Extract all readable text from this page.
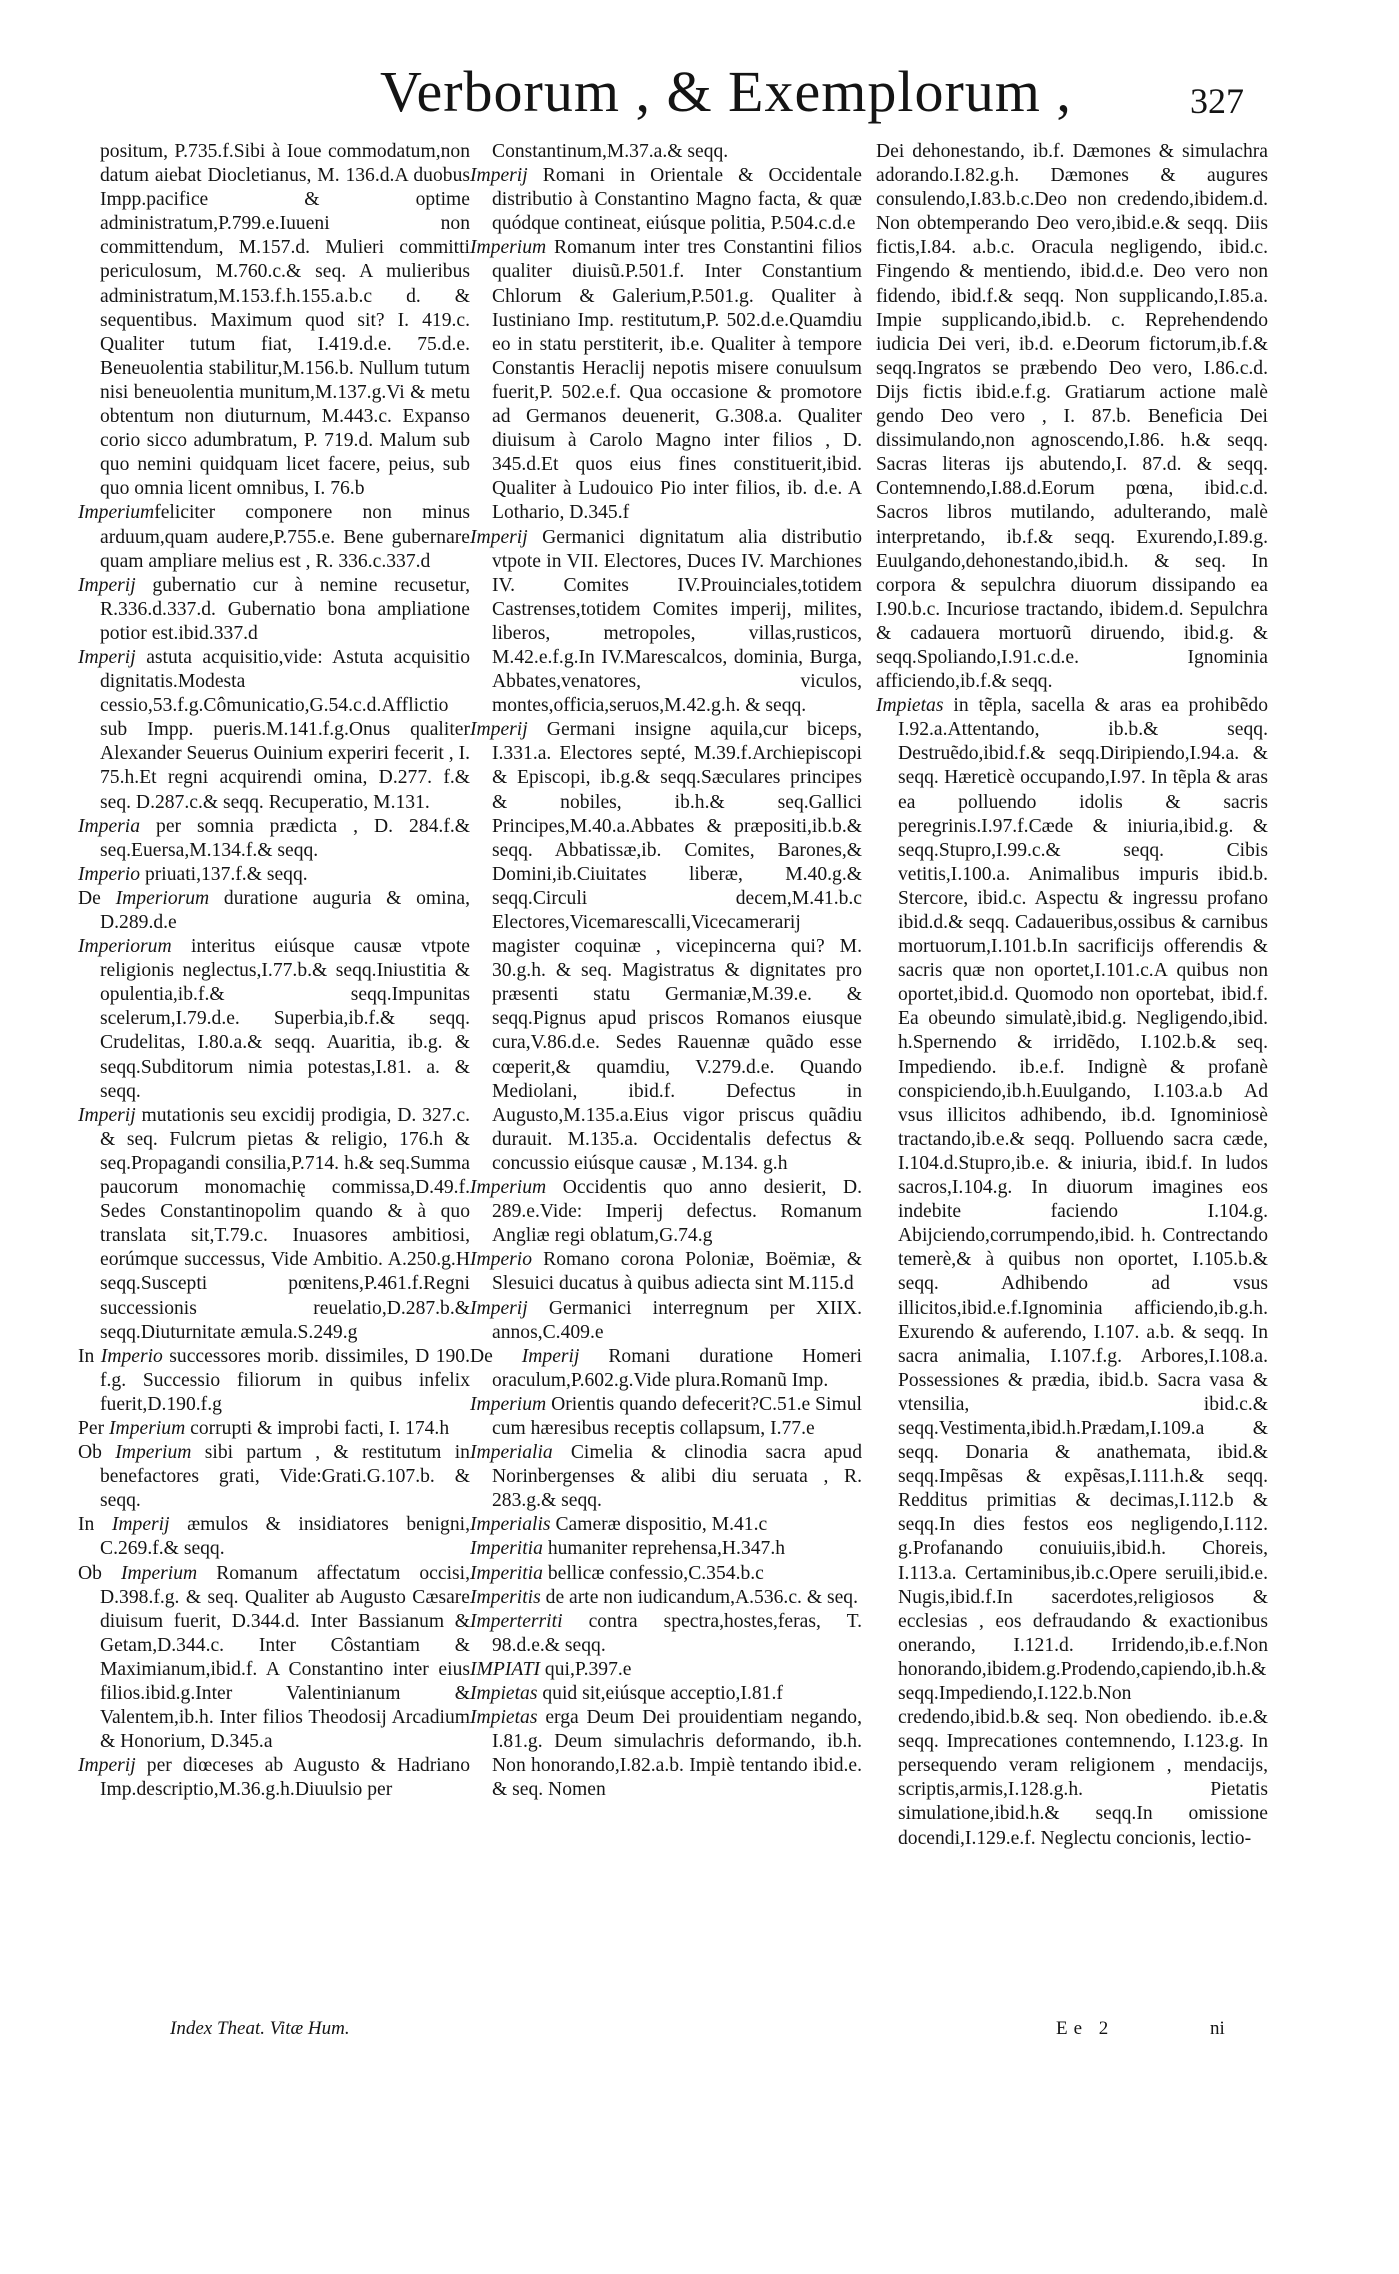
Verborum , & Exemplorum ,	327
positum, P.735.f.Sibi à Ioue commodatum,non datum aiebat Diocletianus, M. 136.d.A duobus Impp.pacifice & optime administratum,P.799.e.Iuueni non committendum, M.157.d. Mulieri committi periculosum, M.760.c.& seq. A mulieribus administratum,M.153.f.h.155.a.b.c d. & sequentibus. Maximum quod sit? I. 419.c. Qualiter tutum fiat, I.419.d.e. 75.d.e. Beneuolentia stabilitur,M.156.b. Nullum tutum nisi beneuolentia munitum,M.137.g.Vi & metu obtentum non diuturnum, M.443.c. Expanso corio sicco adumbratum, P. 719.d. Malum sub quo nemini quidquam licet facere, peius, sub quo omnia licent omnibus, I. 76.b
Imperiumfeliciter componere non minus arduum,quam audere,P.755.e. Bene gubernare quam ampliare melius est , R. 336.c.337.d
Imperij gubernatio cur à nemine recusetur, R.336.d.337.d. Gubernatio bona ampliatione potior est.ibid.337.d
Imperij astuta acquisitio,vide: Astuta acquisitio dignitatis.Modesta cessio,53.f.g.Cômunicatio,G.54.c.d.Afflictio sub Impp. pueris.M.141.f.g.Onus qualiter Alexander Seuerus Ouinium experiri fecerit , I. 75.h.Et regni acquirendi omina, D.277. f.& seq. D.287.c.& seqq. Recuperatio, M.131.
Imperia per somnia prædicta , D. 284.f.& seq.Euersa,M.134.f.& seqq.
Imperio priuati,137.f.& seqq.
De Imperiorum duratione auguria & omina, D.289.d.e
Imperiorum interitus eiúsque causæ vtpote religionis neglectus,I.77.b.& seqq.Iniustitia & opulentia,ib.f.& seqq.Impunitas scelerum,I.79.d.e. Superbia,ib.f.& seqq. Crudelitas, I.80.a.& seqq. Auaritia, ib.g. & seqq.Subditorum nimia potestas,I.81. a. & seqq.
Imperij mutationis seu excidij prodigia, D. 327.c. & seq. Fulcrum pietas & religio, 176.h & seq.Propagandi consilia,P.714. h.& seq.Summa paucorum monomachię commissa,D.49.f. Sedes Constantinopolim quando & à quo translata sit,T.79.c. Inuasores ambitiosi, eorúmque successus, Vide Ambitio. A.250.g.H seqq.Suscepti pœnitens,P.461.f.Regni successionis reuelatio,D.287.b.& seqq.Diuturnitate æmula.S.249.g
In Imperio successores morib. dissimiles, D 190. f.g. Successio filiorum in quibus infelix fuerit,D.190.f.g
Per Imperium corrupti & improbi facti, I. 174.h
Ob Imperium sibi partum , & restitutum in benefactores grati, Vide:Grati.G.107.b. & seqq.
In Imperij æmulos & insidiatores benigni, C.269.f.& seqq.
Ob Imperium Romanum affectatum occisi, D.398.f.g. & seq. Qualiter ab Augusto Cæsare diuisum fuerit, D.344.d. Inter Bassianum & Getam,D.344.c. Inter Côstantiam & Maximianum,ibid.f. A Constantino inter eius filios.ibid.g.Inter Valentinianum & Valentem,ib.h. Inter filios Theodosij Arcadium & Honorium, D.345.a
Imperij per diœceses ab Augusto & Hadriano Imp.descriptio,M.36.g.h.Diuulsio per
Constantinum,M.37.a.& seqq.
Imperij Romani in Orientale & Occidentale distributio à Constantino Magno facta, & quæ quódque contineat, eiúsque politia, P.504.c.d.e
Imperium Romanum inter tres Constantini filios qualiter diuisũ.P.501.f. Inter Constantium Chlorum & Galerium,P.501.g. Qualiter à Iustiniano Imp. restitutum,P. 502.d.e.Quamdiu eo in statu perstiterit, ib.e. Qualiter à tempore Constantis Heraclij nepotis misere conuulsum fuerit,P. 502.e.f. Qua occasione & promotore ad Germanos deuenerit, G.308.a. Qualiter diuisum à Carolo Magno inter filios , D. 345.d.Et quos eius fines constituerit,ibid. Qualiter à Ludouico Pio inter filios, ib. d.e. A Lothario, D.345.f
Imperij Germanici dignitatum alia distributio vtpote in VII. Electores, Duces IV. Marchiones IV. Comites IV.Prouinciales,totidem Castrenses,totidem Comites imperij, milites, liberos, metropoles, villas,rusticos, M.42.e.f.g.In IV.Marescalcos, dominia, Burga, Abbates,venatores, viculos, montes,officia,seruos,M.42.g.h. & seqq.
Imperij Germani insigne aquila,cur biceps, I.331.a. Electores septé, M.39.f.Archiepiscopi & Episcopi, ib.g.& seqq.Sæculares principes & nobiles, ib.h.& seq.Gallici Principes,M.40.a.Abbates & præpositi,ib.b.& seqq. Abbatissæ,ib. Comites, Barones,& Domini,ib.Ciuitates liberæ, M.40.g.& seqq.Circuli decem,M.41.b.c Electores,Vicemarescalli,Vicecamerarij magister coquinæ , vicepincerna qui? M. 30.g.h. & seq. Magistratus & dignitates pro præsenti statu Germaniæ,M.39.e. & seqq.Pignus apud priscos Romanos eiusque cura,V.86.d.e. Sedes Rauennæ quãdo esse cœperit,& quamdiu, V.279.d.e. Quando Mediolani, ibid.f. Defectus in Augusto,M.135.a.Eius vigor priscus quãdiu durauit. M.135.a. Occidentalis defectus & concussio eiúsque causæ , M.134. g.h
Imperium Occidentis quo anno desierit, D. 289.e.Vide: Imperij defectus. Romanum Angliæ regi oblatum,G.74.g
Imperio Romano corona Poloniæ, Boëmiæ, & Slesuici ducatus à quibus adiecta sint M.115.d
Imperij Germanici interregnum per XIIX. annos,C.409.e
De Imperij Romani duratione Homeri oraculum,P.602.g.Vide plura.Romanũ Imp.
Imperium Orientis quando defecerit?C.51.e Simul cum hæresibus receptis collapsum, I.77.e
Imperialia Cimelia & clinodia sacra apud Norinbergenses & alibi diu seruata , R. 283.g.& seqq.
Imperialis Cameræ dispositio, M.41.c
Imperitia humaniter reprehensa,H.347.h
Imperitia bellicæ confessio,C.354.b.c
Imperitis de arte non iudicandum,A.536.c. & seq.
Imperterriti contra spectra,hostes,feras, T. 98.d.e.& seqq.
IMPIATI qui,P.397.e
Impietas quid sit,eiúsque acceptio,I.81.f
Impietas erga Deum Dei prouidentiam negando, I.81.g. Deum simulachris deformando, ib.h. Non honorando,I.82.a.b. Impiè tentando ibid.e. & seq. Nomen
Dei dehonestando, ib.f. Dæmones & simulachra adorando.I.82.g.h. Dæmones & augures consulendo,I.83.b.c.Deo non credendo,ibidem.d. Non obtemperando Deo vero,ibid.e.& seqq. Diis fictis,I.84. a.b.c. Oracula negligendo, ibid.c. Fingendo & mentiendo, ibid.d.e. Deo vero non fidendo, ibid.f.& seqq. Non supplicando,I.85.a. Impie supplicando,ibid.b. c. Reprehendendo iudicia Dei veri, ib.d. e.Deorum fictorum,ib.f.& seqq.Ingratos se præbendo Deo vero, I.86.c.d. Dijs fictis ibid.e.f.g. Gratiarum actione malè gendo Deo vero , I. 87.b. Beneficia Dei dissimulando,non agnoscendo,I.86. h.& seqq. Sacras literas ijs abutendo,I. 87.d. & seqq. Contemnendo,I.88.d.Eorum pœna, ibid.c.d. Sacros libros mutilando, adulterando, malè interpretando, ib.f.& seqq. Exurendo,I.89.g. Euulgando,dehonestando,ibid.h. & seq. In corpora & sepulchra diuorum dissipando ea I.90.b.c. Incuriose tractando, ibidem.d. Sepulchra & cadauera mortuorũ diruendo, ibid.g. & seqq.Spoliando,I.91.c.d.e. Ignominia afficiendo,ib.f.& seqq.
Impietas in tẽpla, sacella & aras ea prohibẽdo I.92.a.Attentando, ib.b.& seqq. Destruẽdo,ibid.f.& seqq.Diripiendo,I.94.a. & seqq. Hæreticè occupando,I.97. In tẽpla & aras ea polluendo idolis & sacris peregrinis.I.97.f.Cæde & iniuria,ibid.g. & seqq.Stupro,I.99.c.& seqq. Cibis vetitis,I.100.a. Animalibus impuris ibid.b. Stercore, ibid.c. Aspectu & ingressu profano ibid.d.& seqq. Cadaueribus,ossibus & carnibus mortuorum,I.101.b.In sacrificijs offerendis & sacris quæ non oportet,I.101.c.A quibus non oportet,ibid.d. Quomodo non oportebat, ibid.f. Ea obeundo simulatè,ibid.g. Negligendo,ibid. h.Spernendo & irridẽdo, I.102.b.& seq. Impediendo. ib.e.f. Indignè & profanè conspiciendo,ib.h.Euulgando, I.103.a.b Ad vsus illicitos adhibendo, ib.d. Ignominiosè tractando,ib.e.& seqq. Polluendo sacra cæde, I.104.d.Stupro,ib.e. & iniuria, ibid.f. In ludos sacros,I.104.g. In diuorum imagines eos indebite faciendo I.104.g. Abijciendo,corrumpendo,ibid. h. Contrectando temerè,& à quibus non oportet, I.105.b.& seqq. Adhibendo ad vsus illicitos,ibid.e.f.Ignominia afficiendo,ib.g.h. Exurendo & auferendo, I.107. a.b. & seqq. In sacra animalia, I.107.f.g. Arbores,I.108.a. Possessiones & prædia, ibid.b. Sacra vasa & vtensilia, ibid.c.& seqq.Vestimenta,ibid.h.Prædam,I.109.a & seqq. Donaria & anathemata, ibid.& seqq.Impẽsas & expẽsas,I.111.h.& seqq. Redditus primitias & decimas,I.112.b & seqq.In dies festos eos negligendo,I.112. g.Profanando conuiuiis,ibid.h. Choreis, I.113.a. Certaminibus,ib.c.Opere seruili,ibid.e. Nugis,ibid.f.In sacerdotes,religiosos & ecclesias , eos defraudando & exactionibus onerando, I.121.d. Irridendo,ib.e.f.Non honorando,ibidem.g.Prodendo,capiendo,ib.h.& seqq.Impediendo,I.122.b.Non credendo,ibid.b.& seq. Non obediendo. ib.e.& seqq. Imprecationes contemnendo, I.123.g. In persequendo veram religionem , mendacijs, scriptis,armis,I.128.g.h. Pietatis simulatione,ibid.h.& seqq.In omissione docendi,I.129.e.f. Neglectu concionis, lectio-
Index Theat. Vitæ Hum.	Ee 2	ni
